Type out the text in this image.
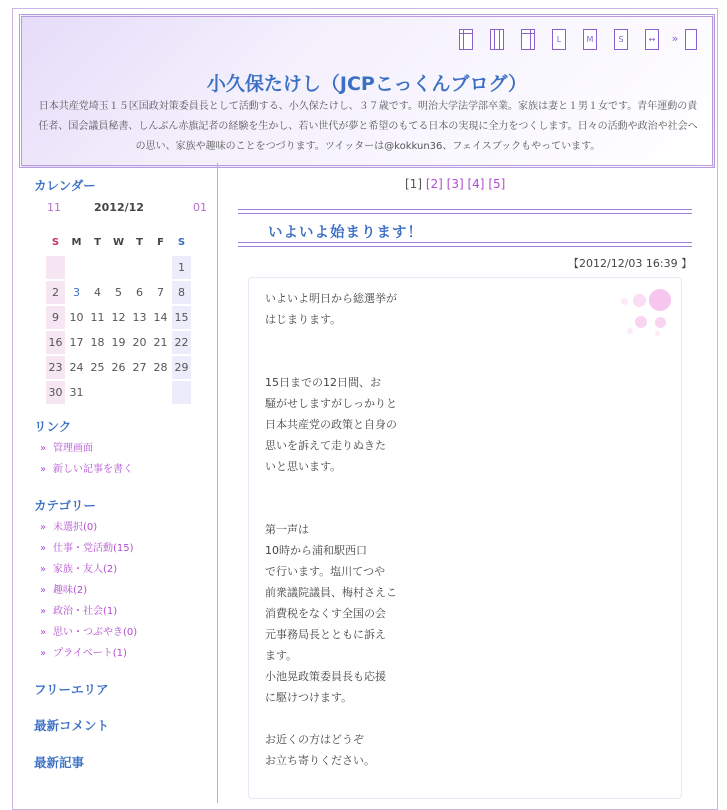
L	M	S	↔	»
小久保たけし（JCPこっくんブログ）
日本共産党埼玉１５区国政対策委員長として活動する、小久保たけし、３７歳です。明治大学法学部卒業。家族は妻と１男１女です。青年運動の責任者、国会議員秘書、しんぶん赤旗記者の経験を生かし、若い世代が夢と希望のもてる日本の実現に全力をつくします。日々の活動や政治や社会への思い、家族や趣味のことをつづります。ツイッターは@kokkun36、フェイスブックもやっています。
カレンダー
11	2012/12	01
S	M	T	W	T	F	S
						1
2	3	4	5	6	7	8
9	10	11	12	13	14	15
16	17	18	19	20	21	22
23	24	25	26	27	28	29
30	31					
リンク
» 管理画面
» 新しい記事を書く
カテゴリー
» 未選択(0)
» 仕事・党活動(15)
» 家族・友人(2)
» 趣味(2)
» 政治・社会(1)
» 思い・つぶやき(0)
» プライベート(1)
フリーエリア
最新コメント
最新記事
[1] [2] [3] [4] [5]
いよいよ始まります！
【2012/12/03 16:39 】
いよいよ明日から総選挙が
はじまります。
15日までの12日間、お
騒がせしますがしっかりと
日本共産党の政策と自身の
思いを訴えて走りぬきた
いと思います。
第一声は
10時から浦和駅西口
で行います。塩川てつや
前衆議院議員、梅村さえこ
消費税をなくす全国の会
元事務局長とともに訴え
ます。
小池晃政策委員長も応援
に駆けつけます。
お近くの方はどうぞ
お立ち寄りください。
